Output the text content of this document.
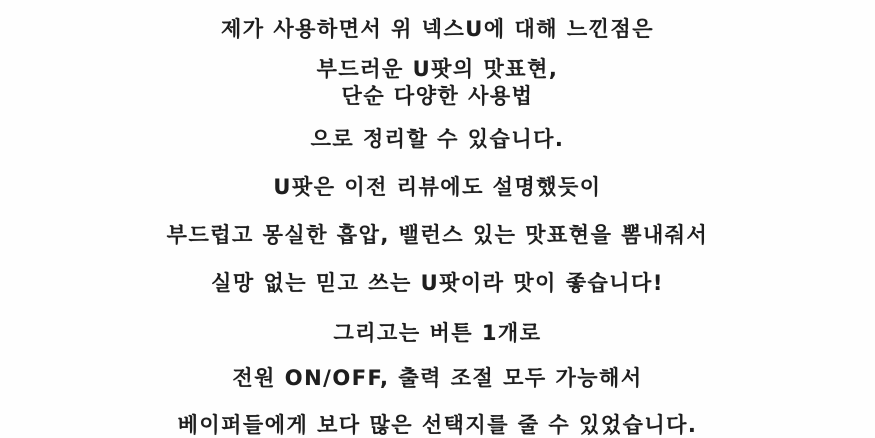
제가 사용하면서 위 넥스U에 대해 느낀점은

부드러운 U팟의 맛표현,

단순 다양한 사용법

으로 정리할 수 있습니다.

U팟은 이전 리뷰에도 설명했듯이

부드럽고 몽실한 흡압, 밸런스 있는 맛표현을 뽐내줘서

실망 없는 믿고 쓰는 U팟이라 맛이 좋습니다!

그리고는 버튼 1개로

전원 ON/OFF, 출력 조절 모두 가능해서

베이퍼들에게 보다 많은 선택지를 줄 수 있었습니다.
